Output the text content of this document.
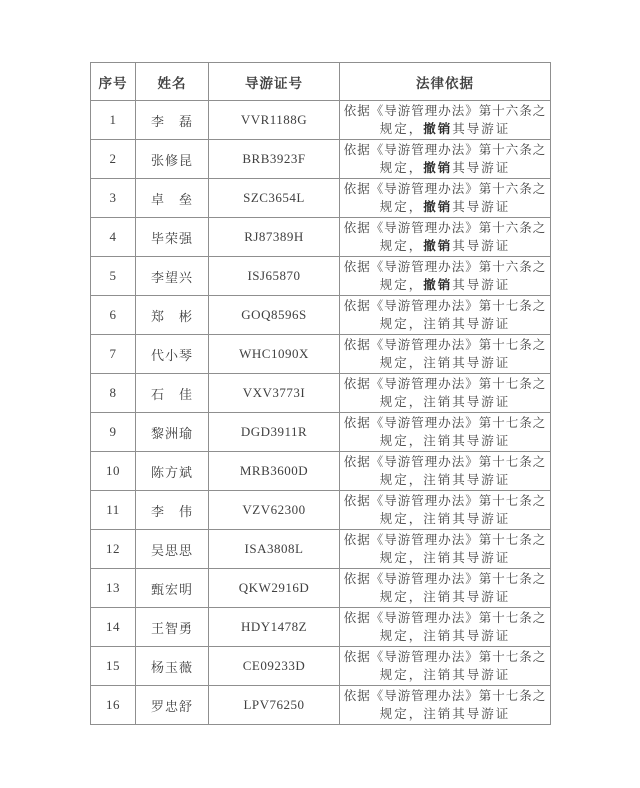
序号	姓名	导游证号	法律依据
1	李　磊	VVR1188G	依据《导游管理办法》第十六条之
规定，撤销其导游证

2	张修昆	BRB3923F	依据《导游管理办法》第十六条之
规定，撤销其导游证

3	卓　垒	SZC3654L	依据《导游管理办法》第十六条之
规定，撤销其导游证

4	毕荣强	RJ87389H	依据《导游管理办法》第十六条之
规定，撤销其导游证

5	李望兴	ISJ65870	依据《导游管理办法》第十六条之
规定，撤销其导游证

6	郑　彬	GOQ8596S	依据《导游管理办法》第十七条之
规定，注销其导游证

7	代小琴	WHC1090X	依据《导游管理办法》第十七条之
规定，注销其导游证

8	石　佳	VXV3773I	依据《导游管理办法》第十七条之
规定，注销其导游证

9	黎洲瑜	DGD3911R	依据《导游管理办法》第十七条之
规定，注销其导游证

10	陈方斌	MRB3600D	依据《导游管理办法》第十七条之
规定，注销其导游证

11	李　伟	VZV62300	依据《导游管理办法》第十七条之
规定，注销其导游证

12	吴思思	ISA3808L	依据《导游管理办法》第十七条之
规定，注销其导游证

13	甄宏明	QKW2916D	依据《导游管理办法》第十七条之
规定，注销其导游证

14	王智勇	HDY1478Z	依据《导游管理办法》第十七条之
规定，注销其导游证

15	杨玉薇	CE09233D	依据《导游管理办法》第十七条之
规定，注销其导游证

16	罗忠舒	LPV76250	依据《导游管理办法》第十七条之
规定，注销其导游证
